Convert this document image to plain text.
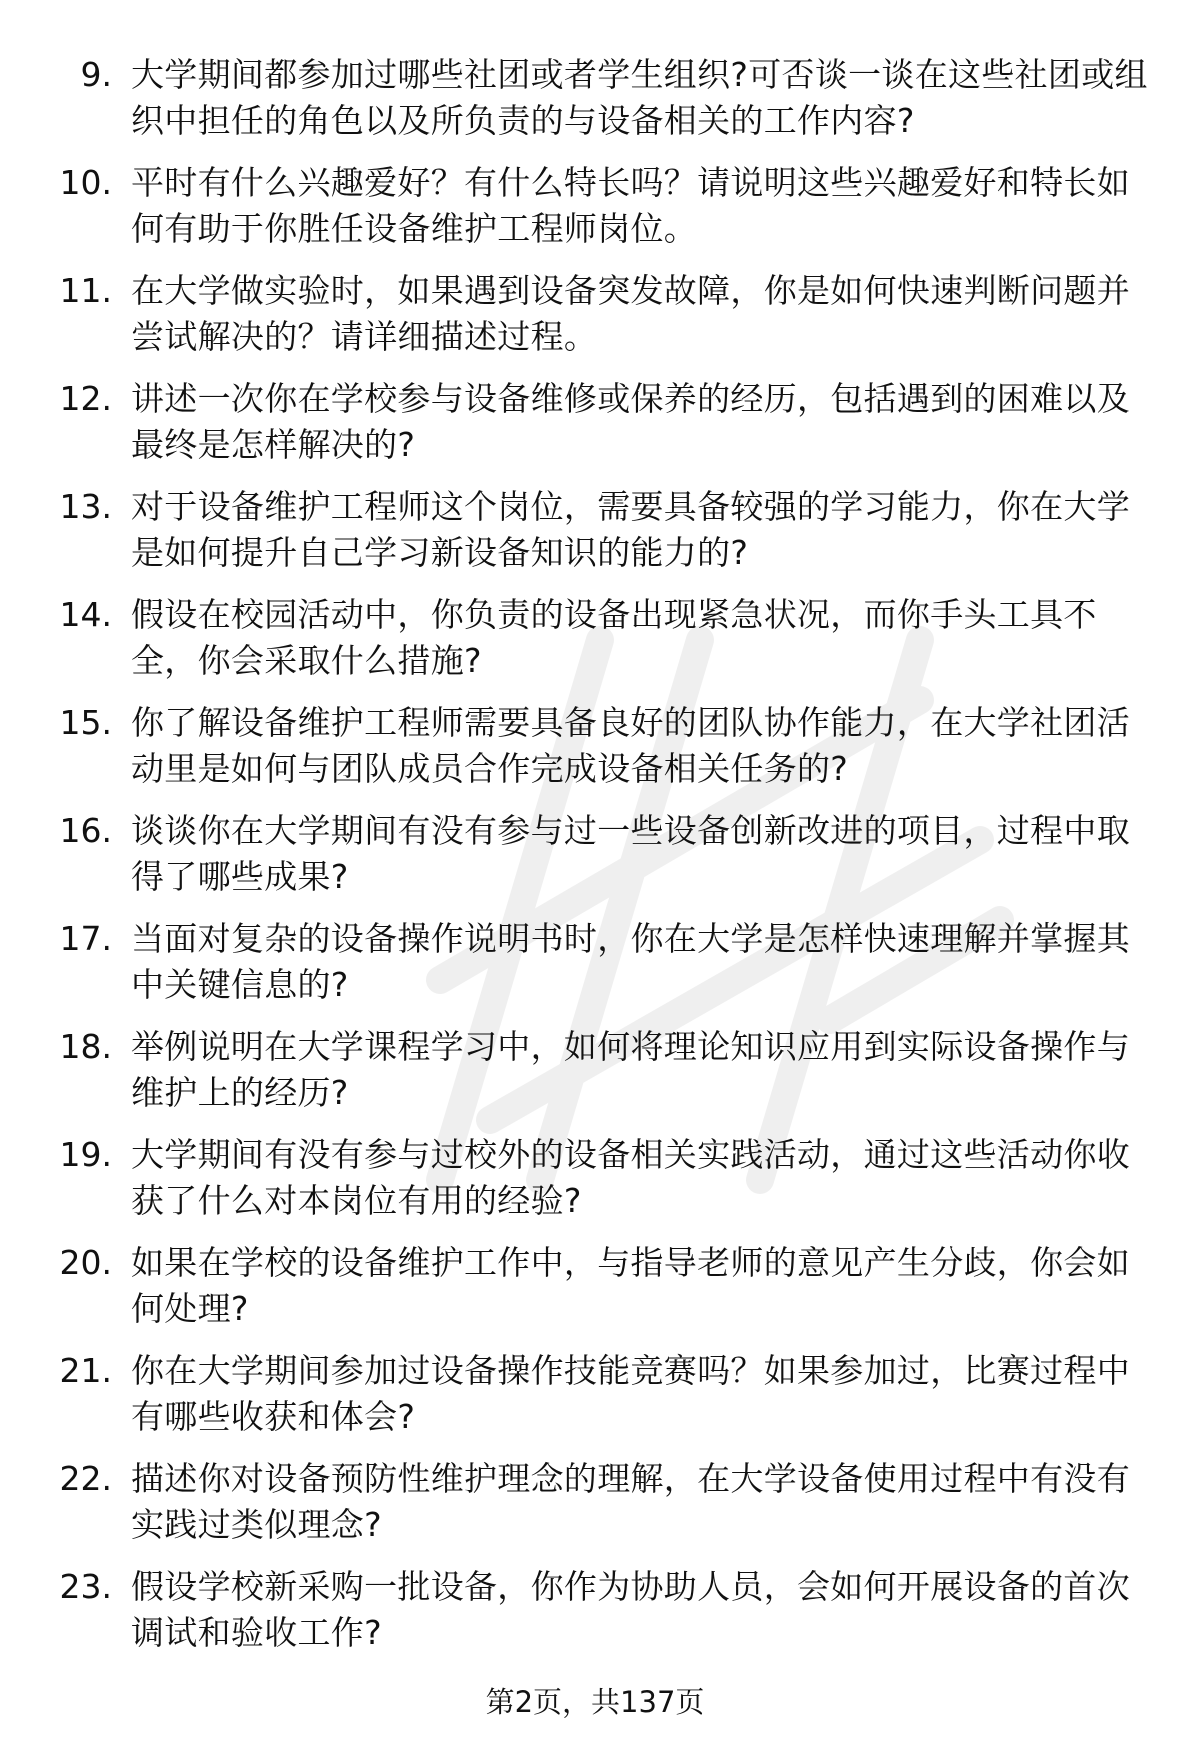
9. 大学期间都参加过哪些社团或者学生组织?可否谈一谈在这些社团或组织中担任的角色以及所负责的与设备相关的工作内容?
10. 平时有什么兴趣爱好？有什么特长吗？请说明这些兴趣爱好和特长如何有助于你胜任设备维护工程师岗位。
11. 在大学做实验时，如果遇到设备突发故障，你是如何快速判断问题并尝试解决的？请详细描述过程。
12. 讲述一次你在学校参与设备维修或保养的经历，包括遇到的困难以及最终是怎样解决的?
13. 对于设备维护工程师这个岗位，需要具备较强的学习能力，你在大学是如何提升自己学习新设备知识的能力的?
14. 假设在校园活动中，你负责的设备出现紧急状况，而你手头工具不全，你会采取什么措施?
15. 你了解设备维护工程师需要具备良好的团队协作能力，在大学社团活动里是如何与团队成员合作完成设备相关任务的?
16. 谈谈你在大学期间有没有参与过一些设备创新改进的项目，过程中取得了哪些成果?
17. 当面对复杂的设备操作说明书时，你在大学是怎样快速理解并掌握其中关键信息的?
18. 举例说明在大学课程学习中，如何将理论知识应用到实际设备操作与维护上的经历?
19. 大学期间有没有参与过校外的设备相关实践活动，通过这些活动你收获了什么对本岗位有用的经验?
20. 如果在学校的设备维护工作中，与指导老师的意见产生分歧，你会如何处理?
21. 你在大学期间参加过设备操作技能竞赛吗？如果参加过，比赛过程中有哪些收获和体会?
22. 描述你对设备预防性维护理念的理解，在大学设备使用过程中有没有实践过类似理念?
23. 假设学校新采购一批设备，你作为协助人员，会如何开展设备的首次调试和验收工作?
第2页，共137页
